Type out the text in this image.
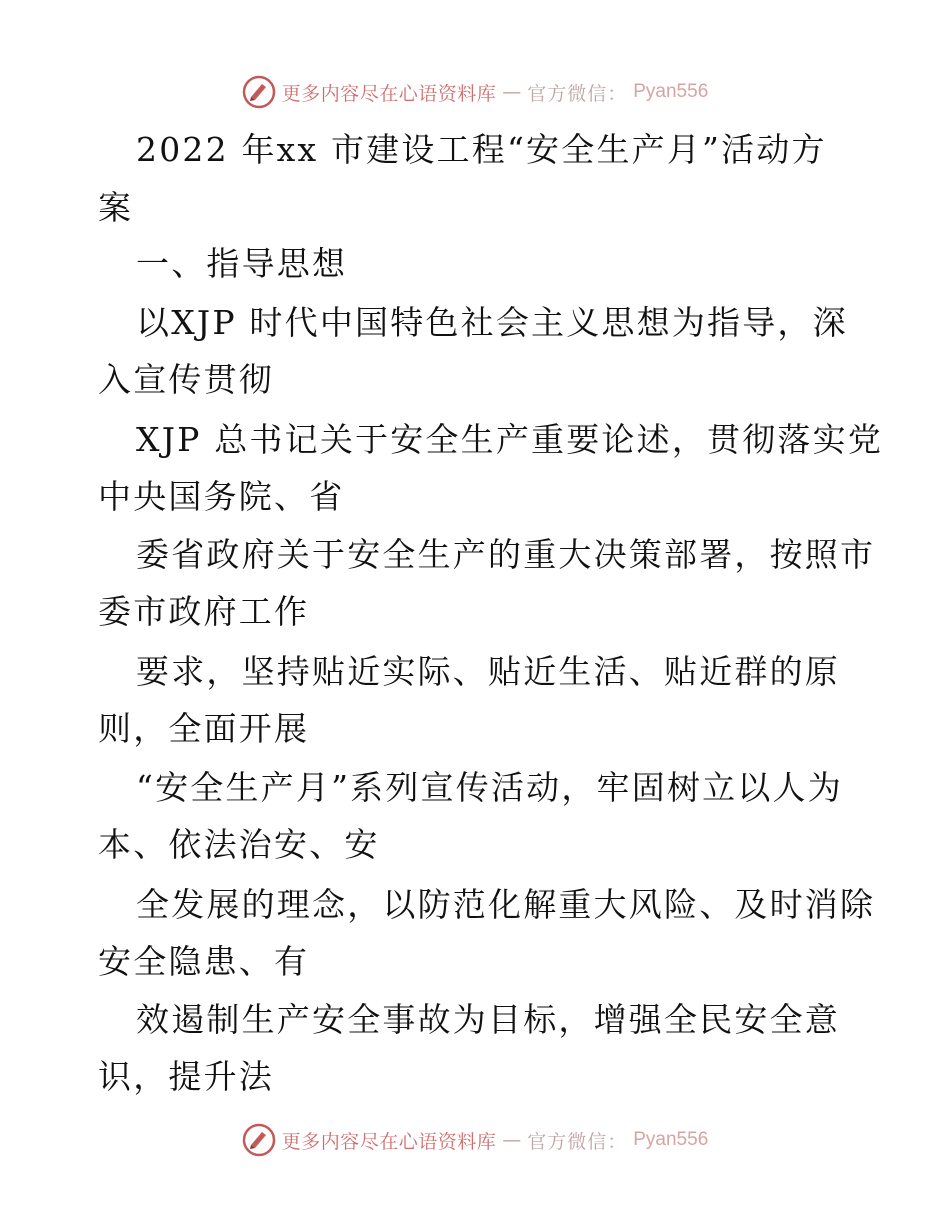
更多内容尽在心语资料库 — 官方微信： Pyan556
2022 年xx 市建设工程“安全生产月”活动方
案
一、指导思想
以XJP 时代中国特色社会主义思想为指导，深
入宣传贯彻
XJP 总书记关于安全生产重要论述，贯彻落实党
中央国务院、省
委省政府关于安全生产的重大决策部署，按照市
委市政府工作
要求，坚持贴近实际、贴近生活、贴近群的原
则，全面开展
“安全生产月”系列宣传活动，牢固树立以人为
本、依法治安、安
全发展的理念，以防范化解重大风险、及时消除
安全隐患、有
效遏制生产安全事故为目标，增强全民安全意
识，提升法
更多内容尽在心语资料库 — 官方微信： Pyan556
